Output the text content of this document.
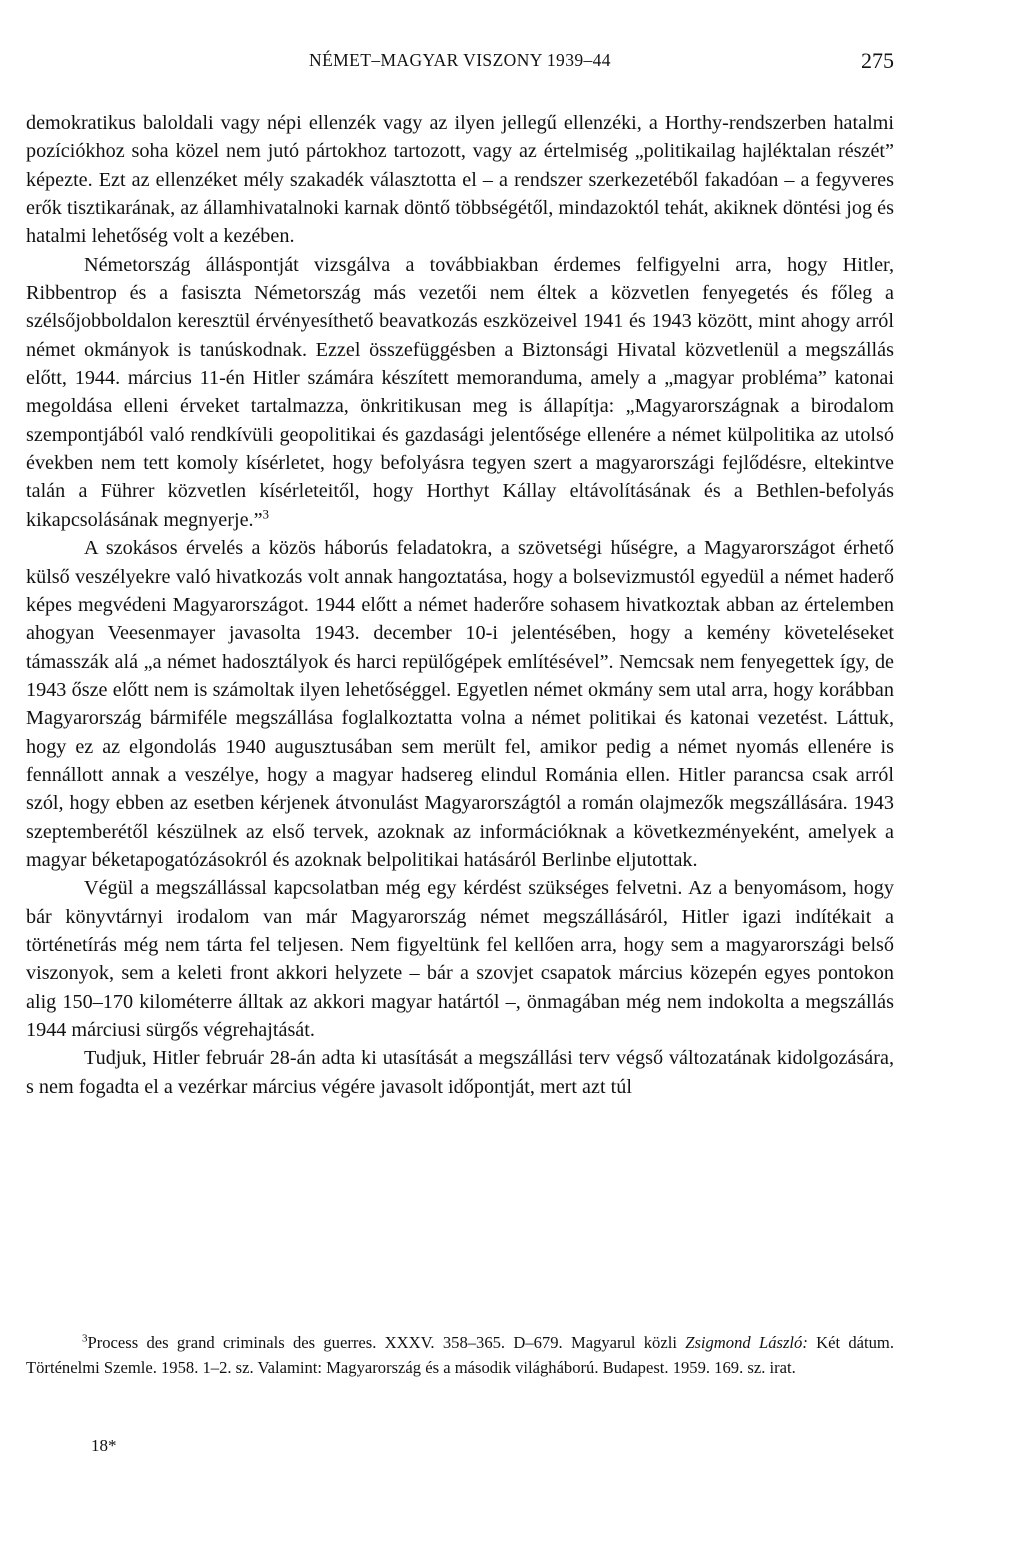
NÉMET–MAGYAR VISZONY 1939–44	275

demokratikus baloldali vagy népi ellenzék vagy az ilyen jellegű ellenzéki, a Horthy-rendszerben hatalmi pozíciókhoz soha közel nem jutó pártokhoz tartozott, vagy az értelmiség „politikailag hajléktalan részét” képezte. Ezt az ellenzéket mély szakadék választotta el – a rendszer szerkezetéből fakadóan – a fegyveres erők tisztikarának, az államhivatalnoki karnak döntő többségétől, mindazoktól tehát, akiknek döntési jog és hatalmi lehetőség volt a kezében.

Németország álláspontját vizsgálva a továbbiakban érdemes felfigyelni arra, hogy Hitler, Ribbentrop és a fasiszta Németország más vezetői nem éltek a közvetlen fenyegetés és főleg a szélsőjobboldalon keresztül érvényesíthető beavatkozás eszközeivel 1941 és 1943 között, mint ahogy arról német okmányok is tanúskodnak. Ezzel összefüggésben a Biztonsági Hivatal közvetlenül a megszállás előtt, 1944. március 11-én Hitler számára készített memoranduma, amely a „magyar probléma” katonai megoldása elleni érveket tartalmazza, önkritikusan meg is állapítja: „Magyarországnak a birodalom szempontjából való rendkívüli geopolitikai és gazdasági jelentősége ellenére a német külpolitika az utolsó években nem tett komoly kísérletet, hogy befolyásra tegyen szert a magyarországi fejlődésre, eltekintve talán a Führer közvetlen kísérleteitől, hogy Horthyt Kállay eltávolításának és a Bethlen-befolyás kikapcsolásának megnyerje.”$^3$

A szokásos érvelés a közös háborús feladatokra, a szövetségi hűségre, a Magyarországot érhető külső veszélyekre való hivatkozás volt annak hangoztatása, hogy a bolsevizmustól egyedül a német haderő képes megvédeni Magyarországot. 1944 előtt a német haderőre sohasem hivatkoztak abban az értelemben ahogyan Veesenmayer javasolta 1943. december 10-i jelentésében, hogy a kemény követeléseket támasszák alá „a német hadosztályok és harci repülőgépek említésével”. Nemcsak nem fenyegettek így, de 1943 ősze előtt nem is számoltak ilyen lehetőséggel. Egyetlen német okmány sem utal arra, hogy korábban Magyarország bármiféle megszállása foglalkoztatta volna a német politikai és katonai vezetést. Láttuk, hogy ez az elgondolás 1940 augusztusában sem merült fel, amikor pedig a német nyomás ellenére is fennállott annak a veszélye, hogy a magyar hadsereg elindul Románia ellen. Hitler parancsa csak arról szól, hogy ebben az esetben kérjenek átvonulást Magyarországtól a román olajmezők megszállására. 1943 szeptemberétől készülnek az első tervek, azoknak az információknak a következményeként, amelyek a magyar béketapogatózásokról és azoknak belpolitikai hatásáról Berlinbe eljutottak.

Végül a megszállással kapcsolatban még egy kérdést szükséges felvetni. Az a benyomásom, hogy bár könyvtárnyi irodalom van már Magyarország német megszállásáról, Hitler igazi indítékait a történetírás még nem tárta fel teljesen. Nem figyeltünk fel kellően arra, hogy sem a magyarországi belső viszonyok, sem a keleti front akkori helyzete – bár a szovjet csapatok március közepén egyes pontokon alig 150–170 kilométerre álltak az akkori magyar határtól –, önmagában még nem indokolta a megszállás 1944 márciusi sürgős végrehajtását.

Tudjuk, Hitler február 28-án adta ki utasítását a megszállási terv végső változatának kidolgozására, s nem fogadta el a vezérkar március végére javasolt időpontját, mert azt túl

$^3$Process des grand criminals des guerres. XXXV. 358–365. D–679. Magyarul közli Zsigmond László: Két dátum. Történelmi Szemle. 1958. 1–2. sz. Valamint: Magyarország és a második világháború. Budapest. 1959. 169. sz. irat.

18*
